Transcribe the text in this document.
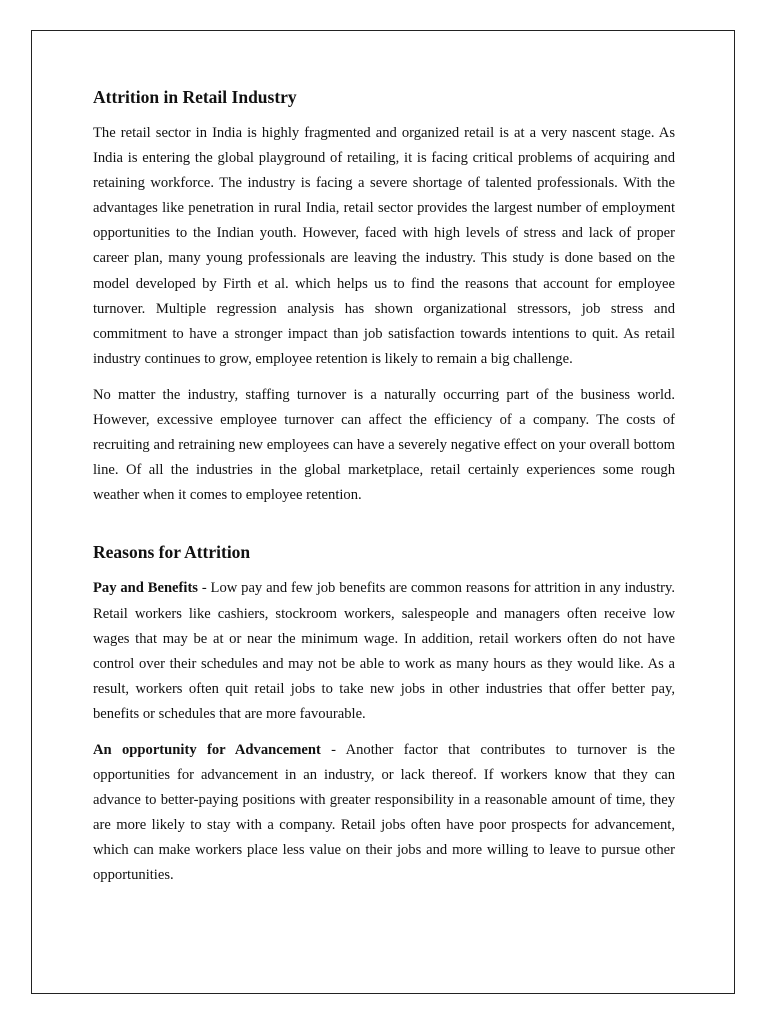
Attrition in Retail Industry

The retail sector in India is highly fragmented and organized retail is at a very nascent stage. As India is entering the global playground of retailing, it is facing critical problems of acquiring and retaining workforce. The industry is facing a severe shortage of talented professionals. With the advantages like penetration in rural India, retail sector provides the largest number of employment opportunities to the Indian youth. However, faced with high levels of stress and lack of proper career plan, many young professionals are leaving the industry. This study is done based on the model developed by Firth et al. which helps us to find the reasons that account for employee turnover. Multiple regression analysis has shown organizational stressors, job stress and commitment to have a stronger impact than job satisfaction towards intentions to quit. As retail industry continues to grow, employee retention is likely to remain a big challenge.

No matter the industry, staffing turnover is a naturally occurring part of the business world. However, excessive employee turnover can affect the efficiency of a company. The costs of recruiting and retraining new employees can have a severely negative effect on your overall bottom line. Of all the industries in the global marketplace, retail certainly experiences some rough weather when it comes to employee retention.

Reasons for Attrition

Pay and Benefits - Low pay and few job benefits are common reasons for attrition in any industry. Retail workers like cashiers, stockroom workers, salespeople and managers often receive low wages that may be at or near the minimum wage. In addition, retail workers often do not have control over their schedules and may not be able to work as many hours as they would like. As a result, workers often quit retail jobs to take new jobs in other industries that offer better pay, benefits or schedules that are more favourable.

An opportunity for Advancement - Another factor that contributes to turnover is the opportunities for advancement in an industry, or lack thereof. If workers know that they can advance to better-paying positions with greater responsibility in a reasonable amount of time, they are more likely to stay with a company. Retail jobs often have poor prospects for advancement, which can make workers place less value on their jobs and more willing to leave to pursue other opportunities.
